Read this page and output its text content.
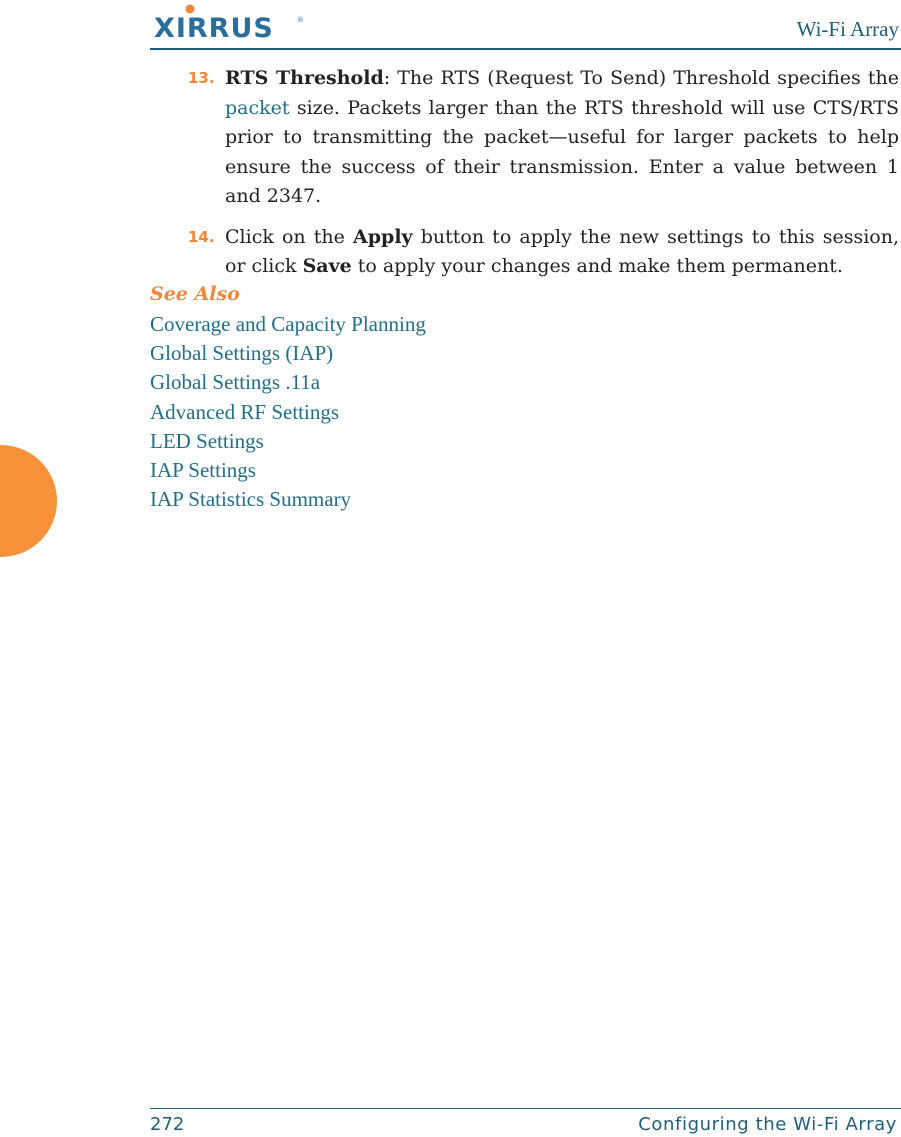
XIRRUS	®	Wi-Fi Array
13. RTS Threshold: The RTS (Request To Send) Threshold specifies the packet size. Packets larger than the RTS threshold will use CTS/RTS prior to transmitting the packet—useful for larger packets to help ensure the success of their transmission. Enter a value between 1 and 2347.
14. Click on the Apply button to apply the new settings to this session, or click Save to apply your changes and make them permanent.
See Also
Coverage and Capacity Planning
Global Settings (IAP)
Global Settings .11a
Advanced RF Settings
LED Settings
IAP Settings
IAP Statistics Summary
272	Configuring the Wi-Fi Array
